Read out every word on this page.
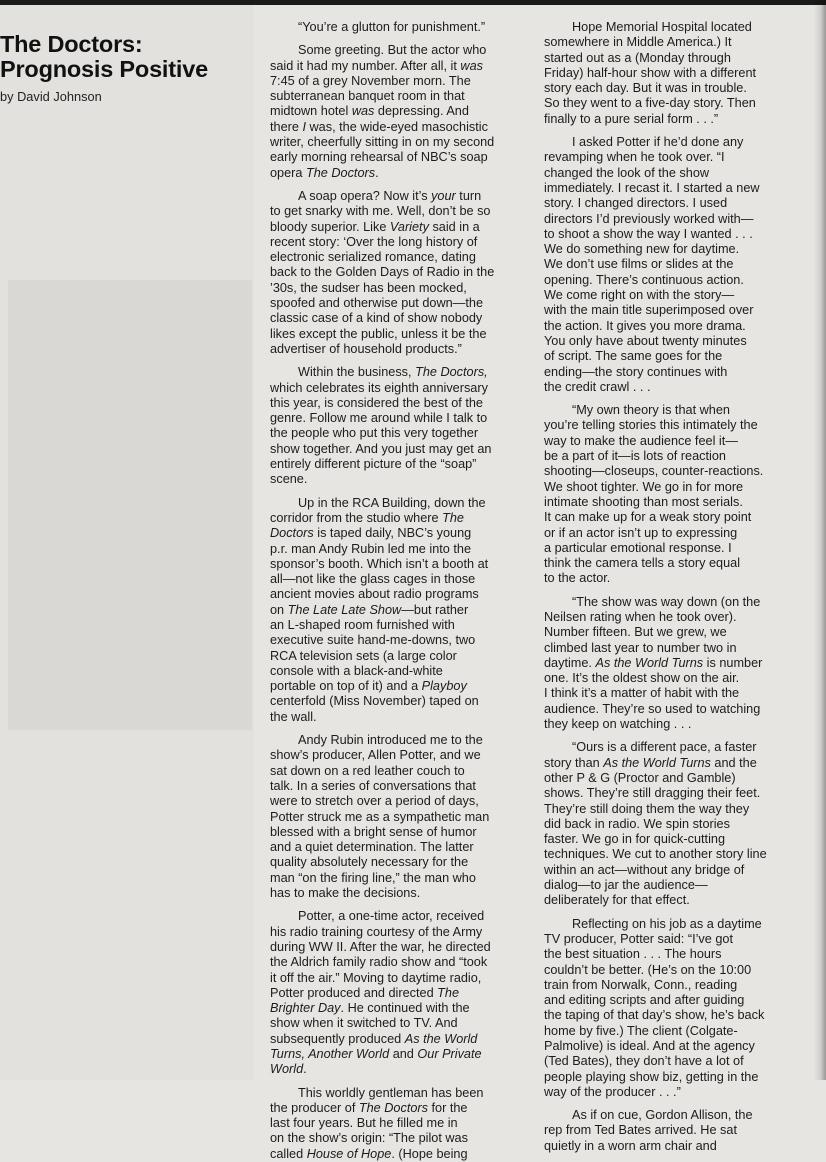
The Doctors:
Prognosis Positive
by David Johnson

“You’re a glutton for punishment.”

Some greeting. But the actor who
said it had my number. After all, it was
7:45 of a grey November morn. The
subterranean banquet room in that
midtown hotel was depressing. And
there I was, the wide-eyed masochistic
writer, cheerfully sitting in on my second
early morning rehearsal of NBC’s soap
opera The Doctors.

A soap opera? Now it’s your turn
to get snarky with me. Well, don’t be so
bloody superior. Like Variety said in a
recent story: ‘Over the long history of
electronic serialized romance, dating
back to the Golden Days of Radio in the
’30s, the sudser has been mocked,
spoofed and otherwise put down—the
classic case of a kind of show nobody
likes except the public, unless it be the
advertiser of household products.”

Within the business, The Doctors,
which celebrates its eighth anniversary
this year, is considered the best of the
genre. Follow me around while I talk to
the people who put this very together
show together. And you just may get an
entirely different picture of the “soap”
scene.

Up in the RCA Building, down the
corridor from the studio where The
Doctors is taped daily, NBC’s young
p.r. man Andy Rubin led me into the
sponsor’s booth. Which isn’t a booth at
all—not like the glass cages in those
ancient movies about radio programs
on The Late Late Show—but rather
an L-shaped room furnished with
executive suite hand-me-downs, two
RCA television sets (a large color
console with a black-and-white
portable on top of it) and a Playboy
centerfold (Miss November) taped on
the wall.

Andy Rubin introduced me to the
show’s producer, Allen Potter, and we
sat down on a red leather couch to
talk. In a series of conversations that
were to stretch over a period of days,
Potter struck me as a sympathetic man
blessed with a bright sense of humor
and a quiet determination. The latter
quality absolutely necessary for the
man “on the firing line,” the man who
has to make the decisions.

Potter, a one-time actor, received
his radio training courtesy of the Army
during WW II. After the war, he directed
the Aldrich family radio show and “took
it off the air.” Moving to daytime radio,
Potter produced and directed The
Brighter Day. He continued with the
show when it switched to TV. And
subsequently produced As the World
Turns, Another World and Our Private
World.

This worldly gentleman has been
the producer of The Doctors for the
last four years. But he filled me in
on the show’s origin: “The pilot was
called House of Hope. (Hope being

Hope Memorial Hospital located
somewhere in Middle America.) It
started out as a (Monday through
Friday) half-hour show with a different
story each day. But it was in trouble.
So they went to a five-day story. Then
finally to a pure serial form . . .”

I asked Potter if he’d done any
revamping when he took over. “I
changed the look of the show
immediately. I recast it. I started a new
story. I changed directors. I used
directors I’d previously worked with—
to shoot a show the way I wanted . . .
We do something new for daytime.
We don’t use films or slides at the
opening. There’s continuous action.
We come right on with the story—
with the main title superimposed over
the action. It gives you more drama.
You only have about twenty minutes
of script. The same goes for the
ending—the story continues with
the credit crawl . . .

“My own theory is that when
you’re telling stories this intimately the
way to make the audience feel it—
be a part of it—is lots of reaction
shooting—closeups, counter-reactions.
We shoot tighter. We go in for more
intimate shooting than most serials.
It can make up for a weak story point
or if an actor isn’t up to expressing
a particular emotional response. I
think the camera tells a story equal
to the actor.

“The show was way down (on the
Neilsen rating when he took over).
Number fifteen. But we grew, we
climbed last year to number two in
daytime. As the World Turns is number
one. It’s the oldest show on the air.
I think it’s a matter of habit with the
audience. They’re so used to watching
they keep on watching . . .

“Ours is a different pace, a faster
story than As the World Turns and the
other P & G (Proctor and Gamble)
shows. They’re still dragging their feet.
They’re still doing them the way they
did back in radio. We spin stories
faster. We go in for quick-cutting
techniques. We cut to another story line
within an act—without any bridge of
dialog—to jar the audience—
deliberately for that effect.

Reflecting on his job as a daytime
TV producer, Potter said: “I’ve got
the best situation . . . The hours
couldn’t be better. (He’s on the 10:00
train from Norwalk, Conn., reading
and editing scripts and after guiding
the taping of that day’s show, he’s back
home by five.) The client (Colgate-
Palmolive) is ideal. And at the agency
(Ted Bates), they don’t have a lot of
people playing show biz, getting in the
way of the producer . . .”

As if on cue, Gordon Allison, the
rep from Ted Bates arrived. He sat
quietly in a worn arm chair and
